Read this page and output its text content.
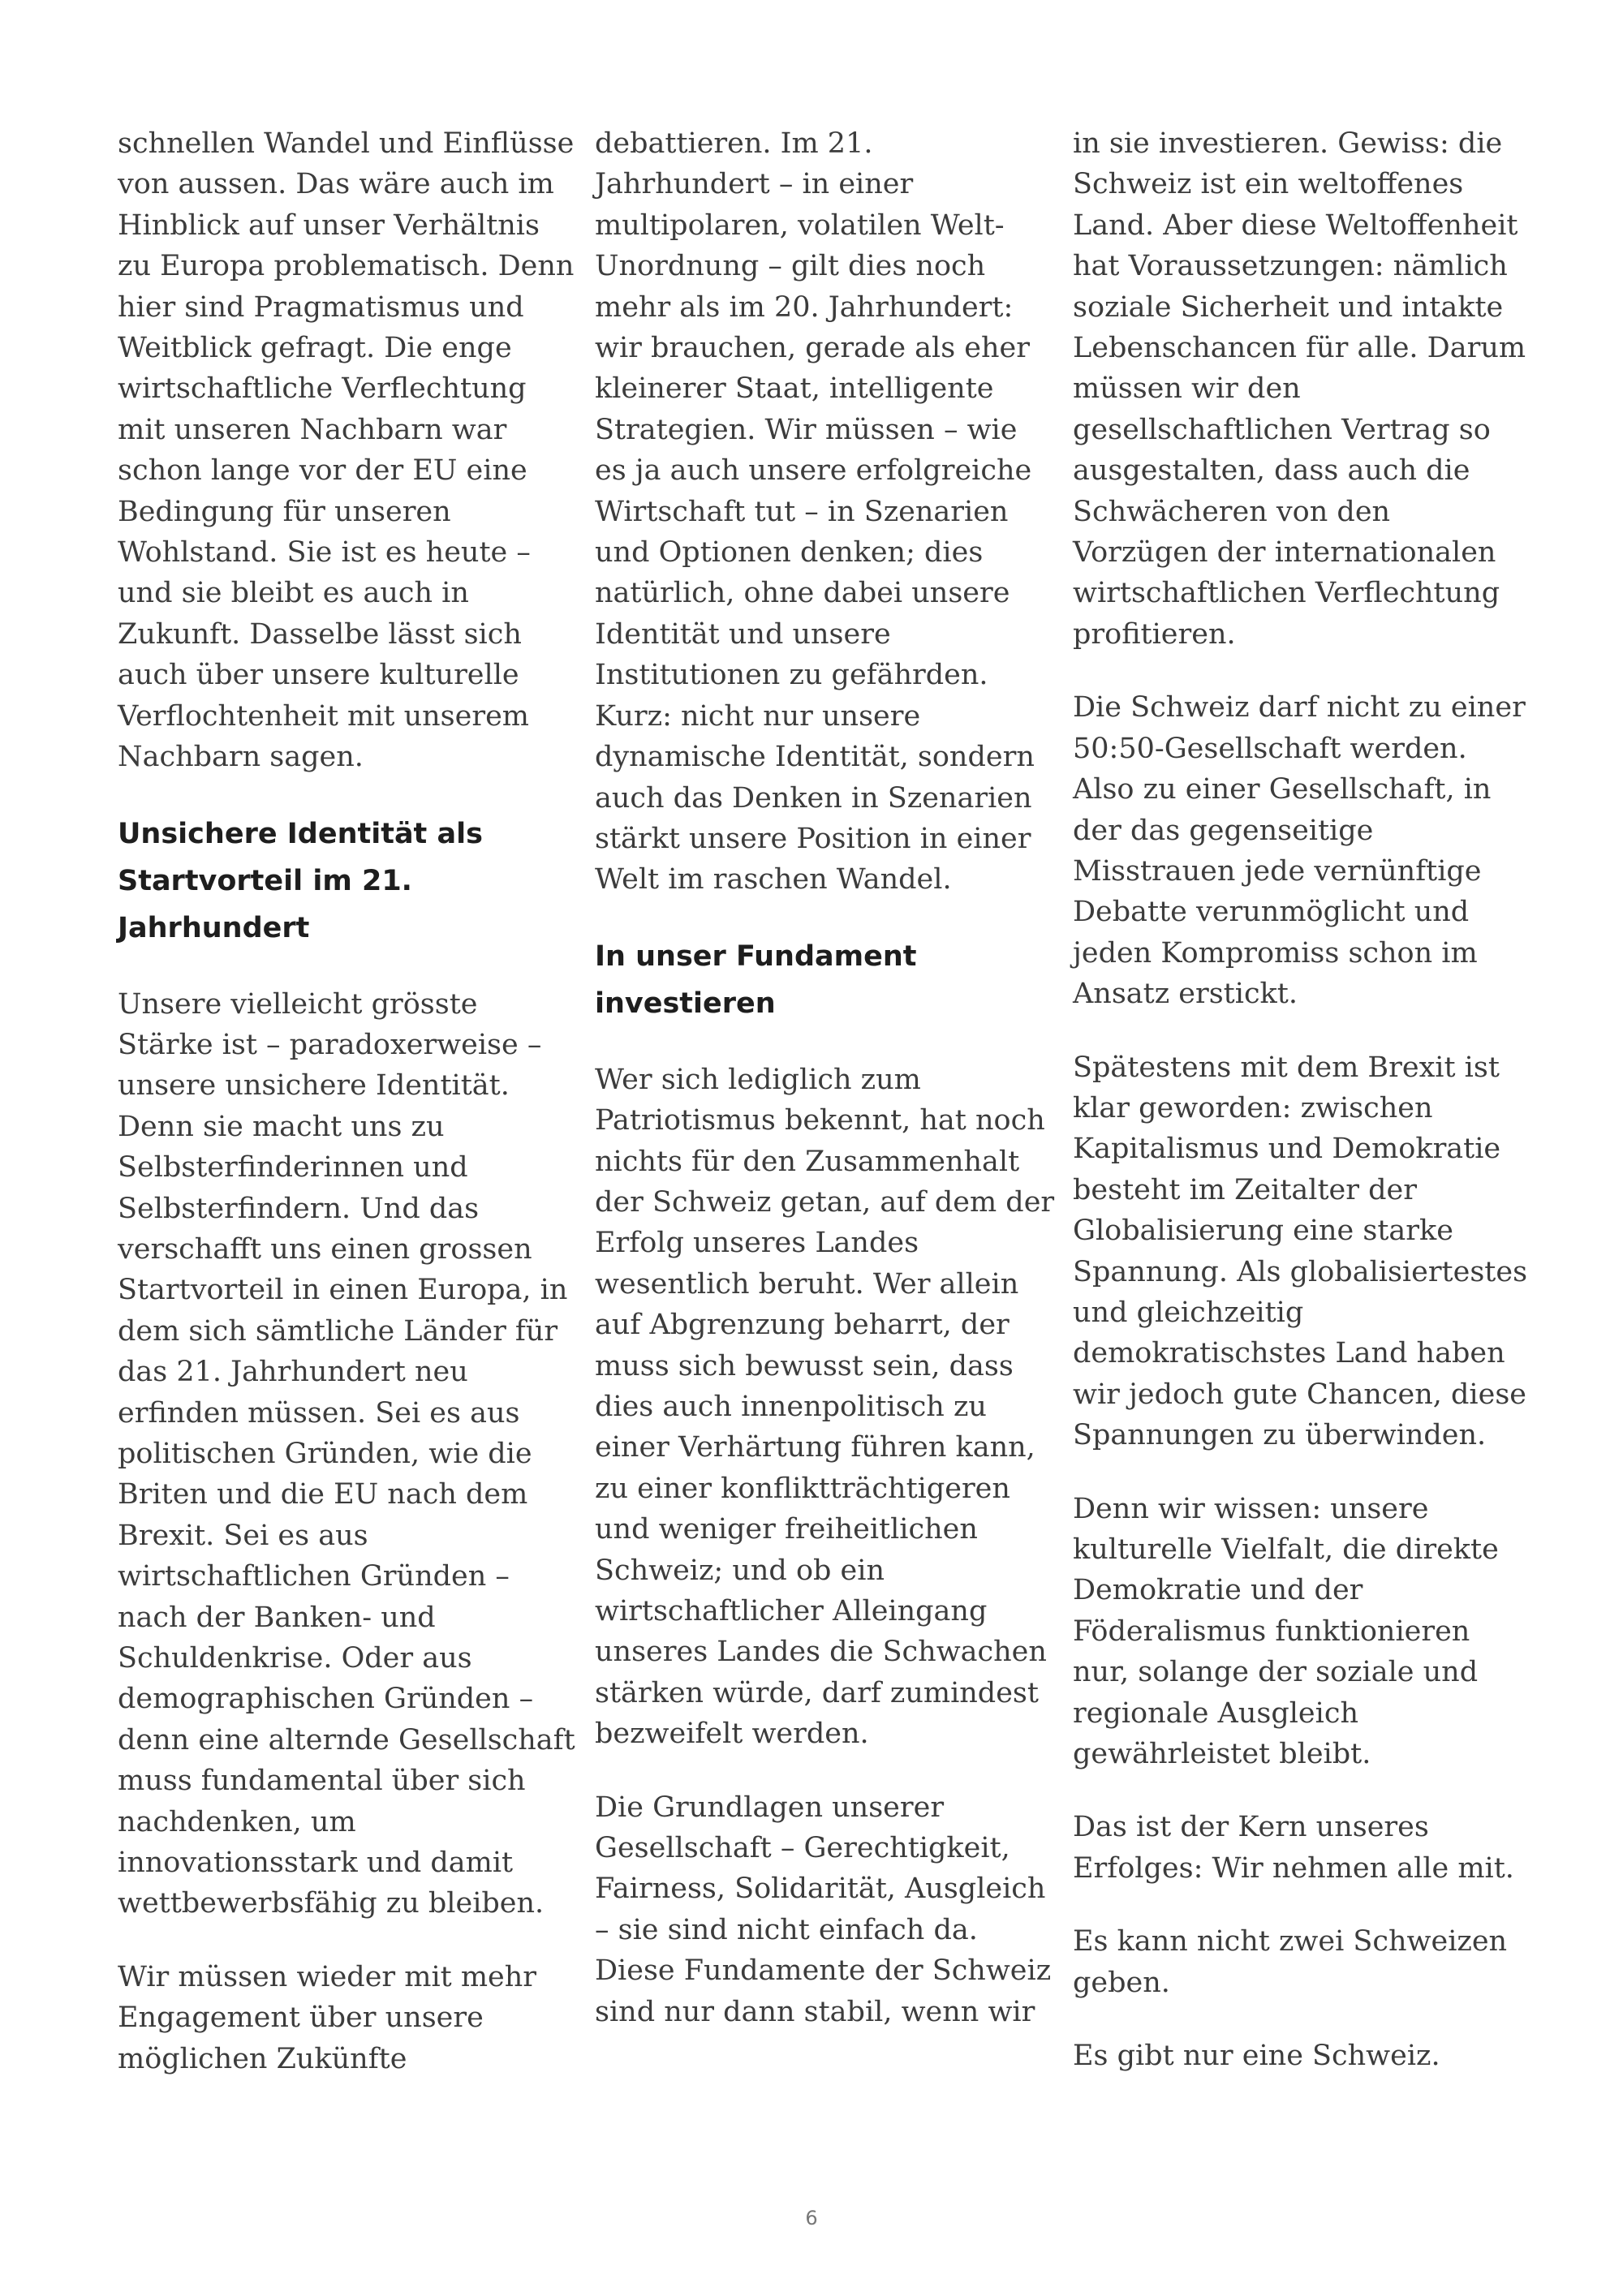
schnellen Wandel und Einflüsse
von aussen. Das wäre auch im
Hinblick auf unser Verhältnis
zu Europa problematisch. Denn
hier sind Pragmatismus und
Weitblick gefragt. Die enge
wirtschaftliche Verflechtung
mit unseren Nachbarn war
schon lange vor der EU eine
Bedingung für unseren
Wohlstand. Sie ist es heute –
und sie bleibt es auch in
Zukunft. Dasselbe lässt sich
auch über unsere kulturelle
Verflochtenheit mit unserem
Nachbarn sagen.

Unsichere Identität als
Startvorteil im 21.
Jahrhundert

Unsere vielleicht grösste
Stärke ist – paradoxerweise –
unsere unsichere Identität.
Denn sie macht uns zu
Selbsterfinderinnen und
Selbsterfindern. Und das
verschafft uns einen grossen
Startvorteil in einen Europa, in
dem sich sämtliche Länder für
das 21. Jahrhundert neu
erfinden müssen. Sei es aus
politischen Gründen, wie die
Briten und die EU nach dem
Brexit. Sei es aus
wirtschaftlichen Gründen –
nach der Banken- und
Schuldenkrise. Oder aus
demographischen Gründen –
denn eine alternde Gesellschaft
muss fundamental über sich
nachdenken, um
innovationsstark und damit
wettbewerbsfähig zu bleiben.

Wir müssen wieder mit mehr
Engagement über unsere
möglichen Zukünfte

debattieren. Im 21.
Jahrhundert – in einer
multipolaren, volatilen Welt-
Unordnung – gilt dies noch
mehr als im 20. Jahrhundert:
wir brauchen, gerade als eher
kleinerer Staat, intelligente
Strategien. Wir müssen – wie
es ja auch unsere erfolgreiche
Wirtschaft tut – in Szenarien
und Optionen denken; dies
natürlich, ohne dabei unsere
Identität und unsere
Institutionen zu gefährden.
Kurz: nicht nur unsere
dynamische Identität, sondern
auch das Denken in Szenarien
stärkt unsere Position in einer
Welt im raschen Wandel.

In unser Fundament
investieren

Wer sich lediglich zum
Patriotismus bekennt, hat noch
nichts für den Zusammenhalt
der Schweiz getan, auf dem der
Erfolg unseres Landes
wesentlich beruht. Wer allein
auf Abgrenzung beharrt, der
muss sich bewusst sein, dass
dies auch innenpolitisch zu
einer Verhärtung führen kann,
zu einer konfliktträchtigeren
und weniger freiheitlichen
Schweiz; und ob ein
wirtschaftlicher Alleingang
unseres Landes die Schwachen
stärken würde, darf zumindest
bezweifelt werden.

Die Grundlagen unserer
Gesellschaft – Gerechtigkeit,
Fairness, Solidarität, Ausgleich
– sie sind nicht einfach da.
Diese Fundamente der Schweiz
sind nur dann stabil, wenn wir

in sie investieren. Gewiss: die
Schweiz ist ein weltoffenes
Land. Aber diese Weltoffenheit
hat Voraussetzungen: nämlich
soziale Sicherheit und intakte
Lebenschancen für alle. Darum
müssen wir den
gesellschaftlichen Vertrag so
ausgestalten, dass auch die
Schwächeren von den
Vorzügen der internationalen
wirtschaftlichen Verflechtung
profitieren.

Die Schweiz darf nicht zu einer
50:50-Gesellschaft werden.
Also zu einer Gesellschaft, in
der das gegenseitige
Misstrauen jede vernünftige
Debatte verunmöglicht und
jeden Kompromiss schon im
Ansatz erstickt.

Spätestens mit dem Brexit ist
klar geworden: zwischen
Kapitalismus und Demokratie
besteht im Zeitalter der
Globalisierung eine starke
Spannung. Als globalisiertestes
und gleichzeitig
demokratischstes Land haben
wir jedoch gute Chancen, diese
Spannungen zu überwinden.

Denn wir wissen: unsere
kulturelle Vielfalt, die direkte
Demokratie und der
Föderalismus funktionieren
nur, solange der soziale und
regionale Ausgleich
gewährleistet bleibt.

Das ist der Kern unseres
Erfolges: Wir nehmen alle mit.

Es kann nicht zwei Schweizen
geben.

Es gibt nur eine Schweiz.

6
